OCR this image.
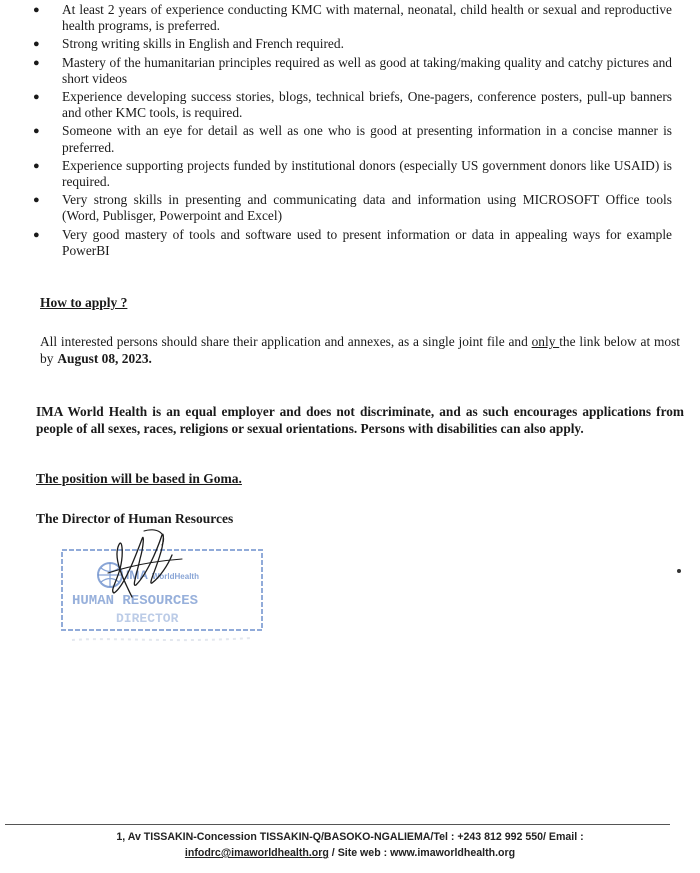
● At least 2 years of experience conducting KMC with maternal, neonatal, child health or sexual and reproductive health programs, is preferred.
● Strong writing skills in English and French required.
● Mastery of the humanitarian principles required as well as good at taking/making quality and catchy pictures and short videos
● Experience developing success stories, blogs, technical briefs, One-pagers, conference posters, pull-up banners and other KMC tools, is required.
● Someone with an eye for detail as well as one who is good at presenting information in a concise manner is preferred.
● Experience supporting projects funded by institutional donors (especially US government donors like USAID) is required.
● Very strong skills in presenting and communicating data and information using MICROSOFT Office tools (Word, Publisger, Powerpoint and Excel)
● Very good mastery of tools and software used to present information or data in appealing ways for example PowerBI
How to apply ?
All interested persons should share their application and annexes, as a single joint file and only the link below at most by August 08, 2023.
IMA World Health is an equal employer and does not discriminate, and as such encourages applications from people of all sexes, races, religions or sexual orientations. Persons with disabilities can also apply.
The position will be based in Goma.
The Director of Human Resources
IMA WorldHealth
HUMAN RESOURCES
DIRECTOR
1, Av TISSAKIN-Concession TISSAKIN-Q/BASOKO-NGALIEMA/Tel : +243 812 992 550/ Email :
infodrc@imaworldhealth.org / Site web : www.imaworldhealth.org
